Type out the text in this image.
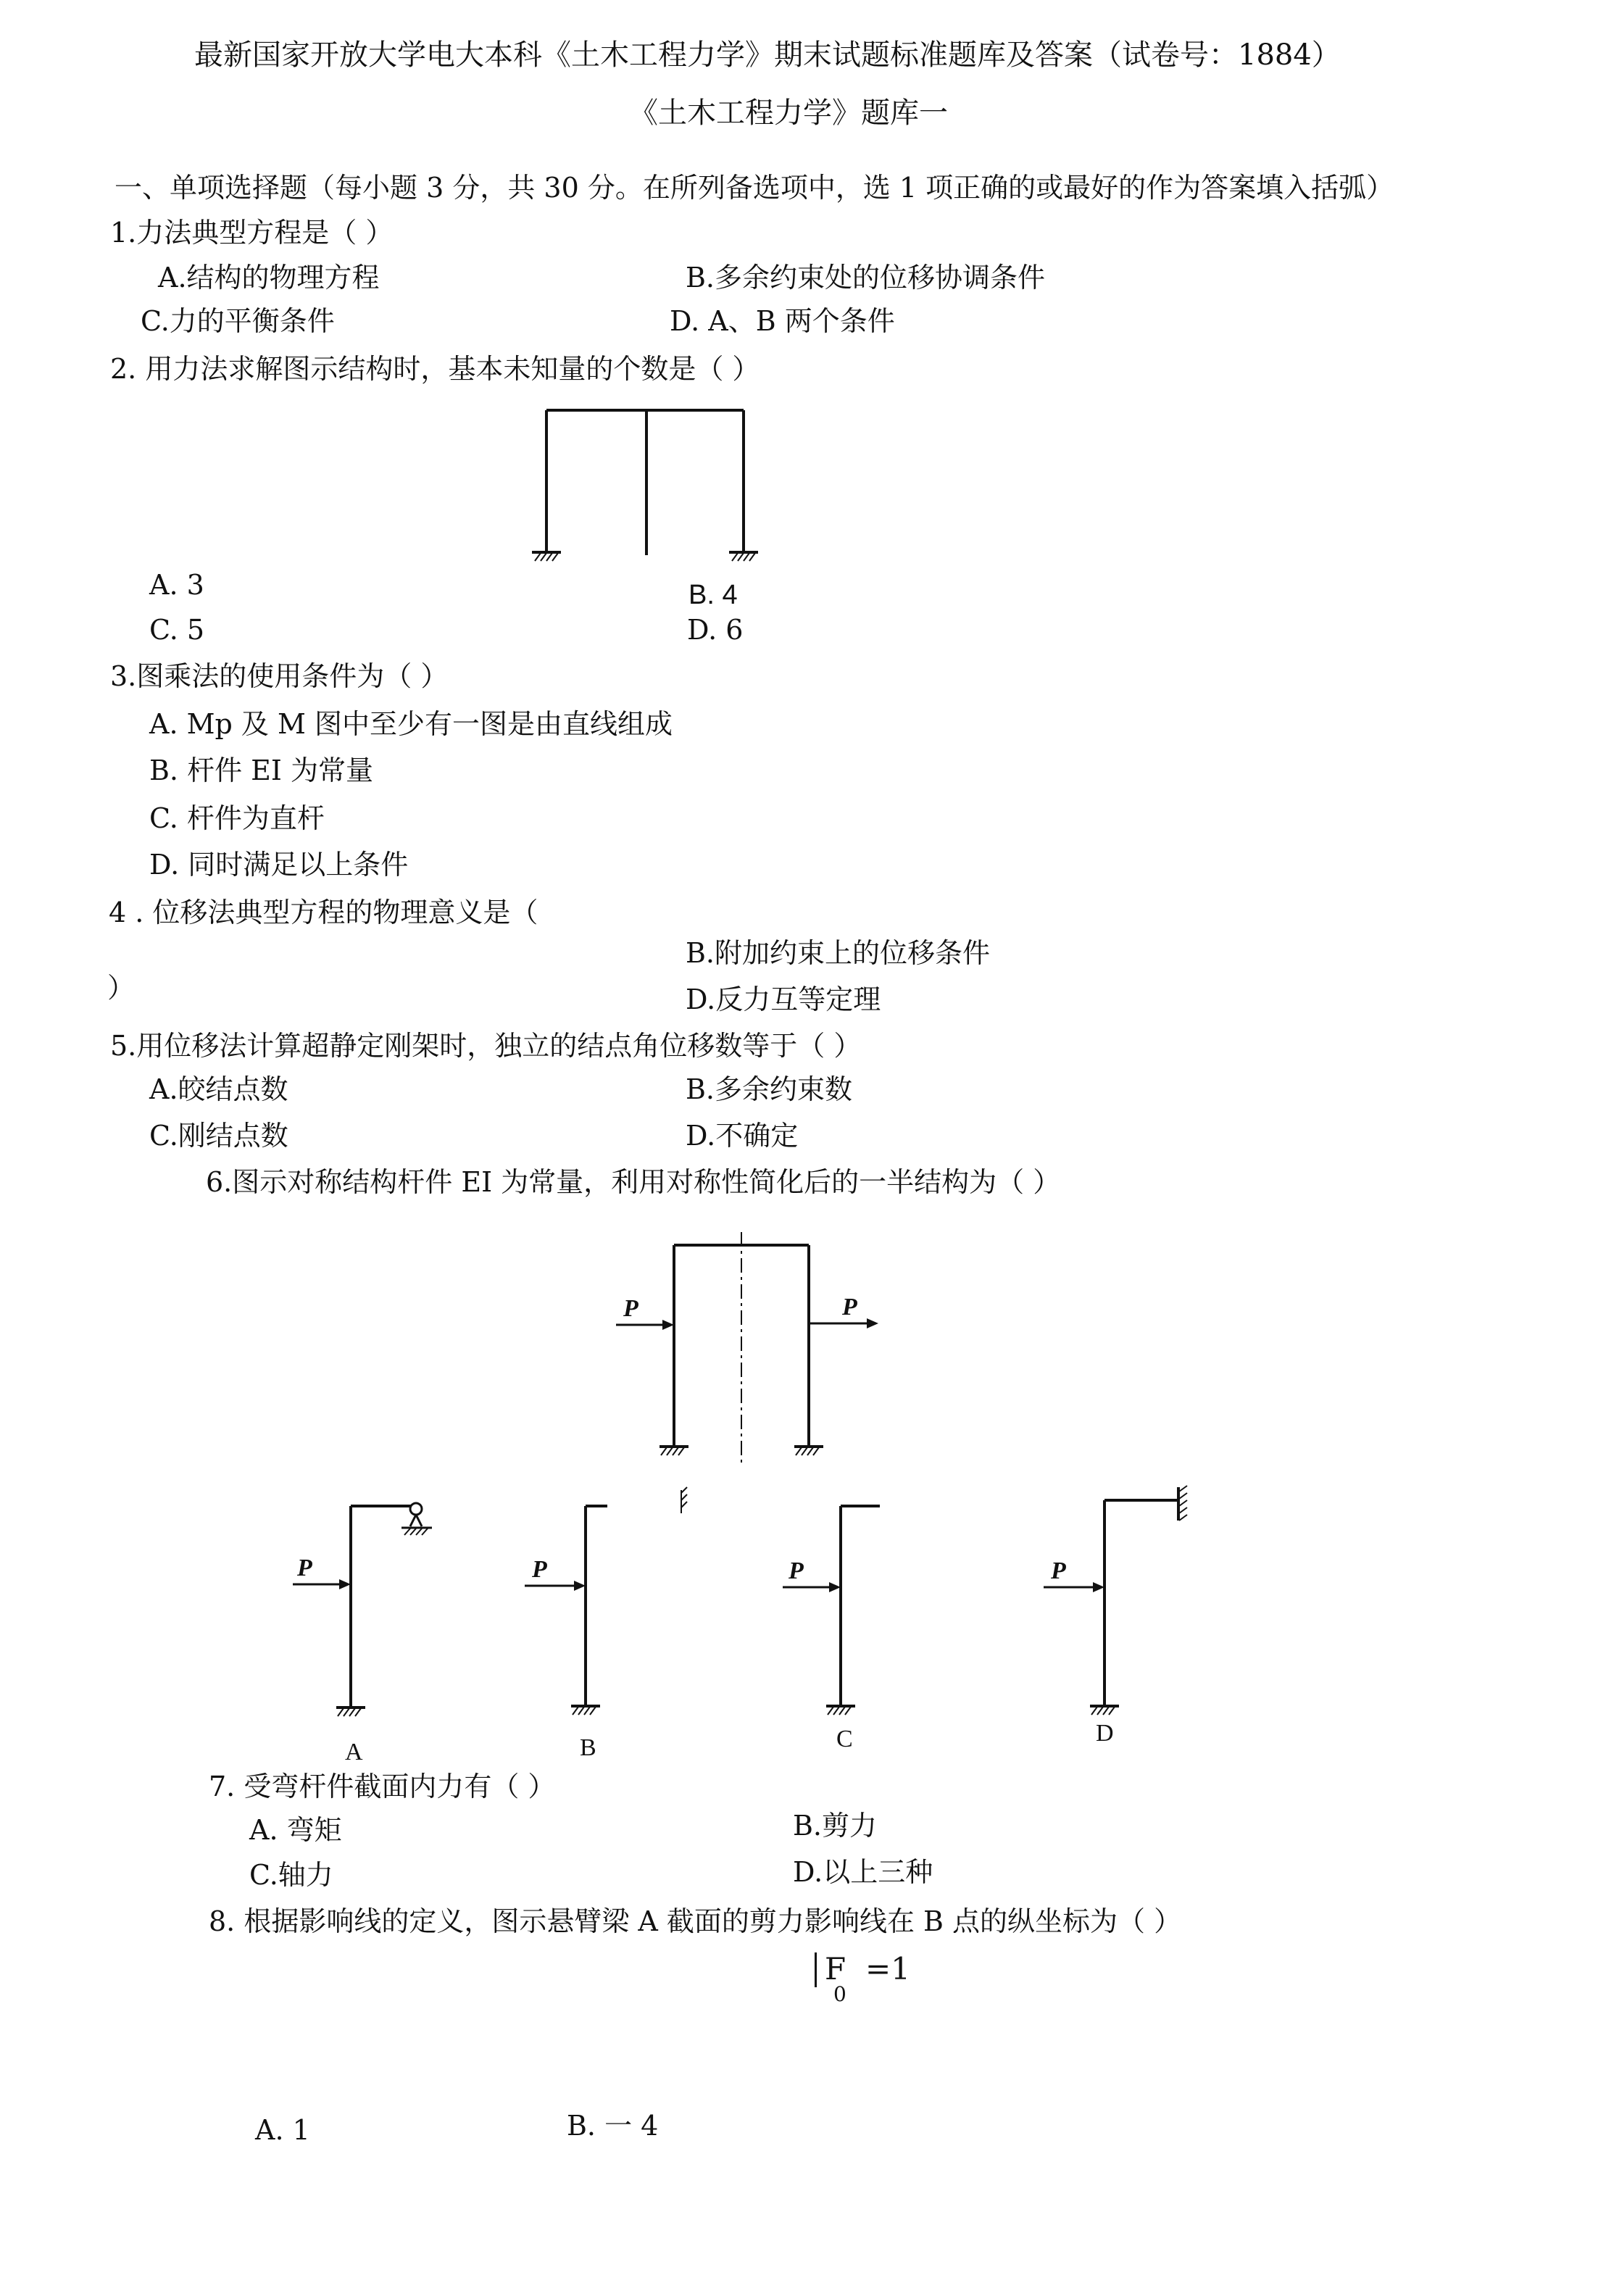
最新国家开放大学电大本科《土木工程力学》期末试题标准题库及答案（试卷号：1884）
《土木工程力学》题库一
一、单项选择题（每小题 3 分，共 30 分。在所列备选项中，选 1 项正确的或最好的作为答案填入括弧）
1.力法典型方程是（ ）
A.结构的物理方程	B.多余约束处的位移协调条件
C.力的平衡条件	D. A、B 两个条件
2. 用力法求解图示结构时，基本未知量的个数是（ ）
A. 3	B. 4
C. 5	D. 6
3.图乘法的使用条件为（ ）
A. Mp 及 M 图中至少有一图是由直线组成
B. 杆件 EI 为常量
C. 杆件为直杆
D. 同时满足以上条件
4 . 位移法典型方程的物理意义是（
B.附加约束上的位移条件
）	D.反力互等定理
5.用位移法计算超静定刚架时，独立的结点角位移数等于（ ）
A.皎结点数	B.多余约束数
C.刚结点数	D.不确定
6.图示对称结构杆件 EI 为常量，利用对称性简化后的一半结构为（ ）
P	P
P
A
P
B
P
C
P
D
7. 受弯杆件截面内力有（ ）
A. 弯矩	B.剪力
C.轴力	D.以上三种
8. 根据影响线的定义，图示悬臂梁 A 截面的剪力影响线在 B 点的纵坐标为（ ）
F
0
=1
A. 1	B. 一 4
